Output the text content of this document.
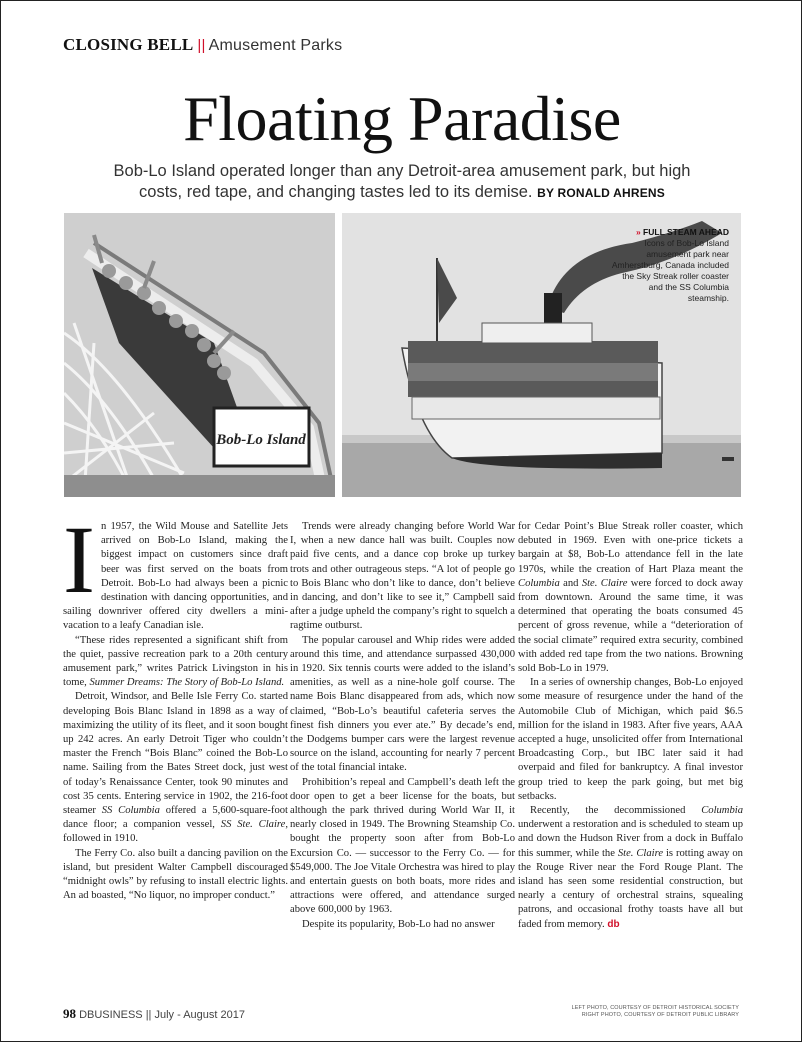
CLOSING BELL || Amusement Parks
Floating Paradise
Bob-Lo Island operated longer than any Detroit-area amusement park, but high costs, red tape, and changing tastes led to its demise. BY RONALD AHRENS
Bob-Lo Island
» FULL STEAM AHEAD
Icons of Bob-Lo Island amusement park near Amherstburg, Canada included the Sky Streak roller coaster and the SS Columbia steamship.

In 1957, the Wild Mouse and Satellite Jets arrived on Bob-Lo Island, making the biggest impact on customers since draft beer was first served on the boats from Detroit. Bob-Lo had always been a picnic destination with dancing opportunities, and sailing downriver offered city dwellers a mini-vacation to a leafy Canadian isle.

“These rides represented a significant shift from the quiet, passive recreation park to a 20th century amusement park,” writes Patrick Livingston in his tome, Summer Dreams: The Story of Bob-Lo Island.

Detroit, Windsor, and Belle Isle Ferry Co. started developing Bois Blanc Island in 1898 as a way of maximizing the utility of its fleet, and it soon bought up 242 acres. An early Detroit Tiger who couldn’t master the French “Bois Blanc” coined the Bob-Lo name. Sailing from the Bates Street dock, just west of today’s Renaissance Center, took 90 minutes and cost 35 cents. Entering service in 1902, the 216-foot steamer SS Columbia offered a 5,600-square-foot dance floor; a companion vessel, SS Ste. Claire, followed in 1910.

The Ferry Co. also built a dancing pavilion on the island, but president Walter Campbell discouraged “midnight owls” by refusing to install electric lights. An ad boasted, “No liquor, no improper conduct.”

Trends were already changing before World War I, when a new dance hall was built. Couples now paid five cents, and a dance cop broke up turkey trots and other outrageous steps. “A lot of people go to Bois Blanc who don’t like to dance, don’t believe in dancing, and don’t like to see it,” Campbell said after a judge upheld the company’s right to squelch a ragtime outburst.

The popular carousel and Whip rides were added around this time, and attendance surpassed 430,000 in 1920. Six tennis courts were added to the island’s amenities, as well as a nine-hole golf course. The name Bois Blanc disappeared from ads, which now claimed, “Bob-Lo’s beautiful cafeteria serves the finest fish dinners you ever ate.” By decade’s end, the Dodgems bumper cars were the largest revenue source on the island, accounting for nearly 7 percent of the total financial intake.

Prohibition’s repeal and Campbell’s death left the door open to get a beer license for the boats, but although the park thrived during World War II, it nearly closed in 1949. The Browning Steamship Co. bought the property soon after from Bob-Lo Excursion Co. — successor to the Ferry Co. — for $549,000. The Joe Vitale Orchestra was hired to play and entertain guests on both boats, more rides and attractions were offered, and attendance surged above 600,000 by 1963.

Despite its popularity, Bob-Lo had no answer

for Cedar Point’s Blue Streak roller coaster, which debuted in 1969. Even with one-price tickets a bargain at $8, Bob-Lo attendance fell in the late 1970s, while the creation of Hart Plaza meant the Columbia and Ste. Claire were forced to dock away from downtown. Around the same time, it was determined that operating the boats consumed 45 percent of gross revenue, while a “deterioration of the social climate” required extra security, combined with added red tape from the two nations. Browning sold Bob-Lo in 1979.

In a series of ownership changes, Bob-Lo enjoyed some measure of resurgence under the hand of the Automobile Club of Michigan, which paid $6.5 million for the island in 1983. After five years, AAA accepted a huge, unsolicited offer from International Broadcasting Corp., but IBC later said it had overpaid and filed for bankruptcy. A final investor group tried to keep the park going, but met big setbacks.

Recently, the decommissioned Columbia underwent a restoration and is scheduled to steam up and down the Hudson River from a dock in Buffalo this summer, while the Ste. Claire is rotting away on the Rouge River near the Ford Rouge Plant. The island has seen some residential construction, but nearly a century of orchestral strains, squealing patrons, and occasional frothy toasts have all but faded from memory. db

98 DBUSINESS || July - August 2017
LEFT PHOTO, COURTESY OF DETROIT HISTORICAL SOCIETY
RIGHT PHOTO, COURTESY OF DETROIT PUBLIC LIBRARY
